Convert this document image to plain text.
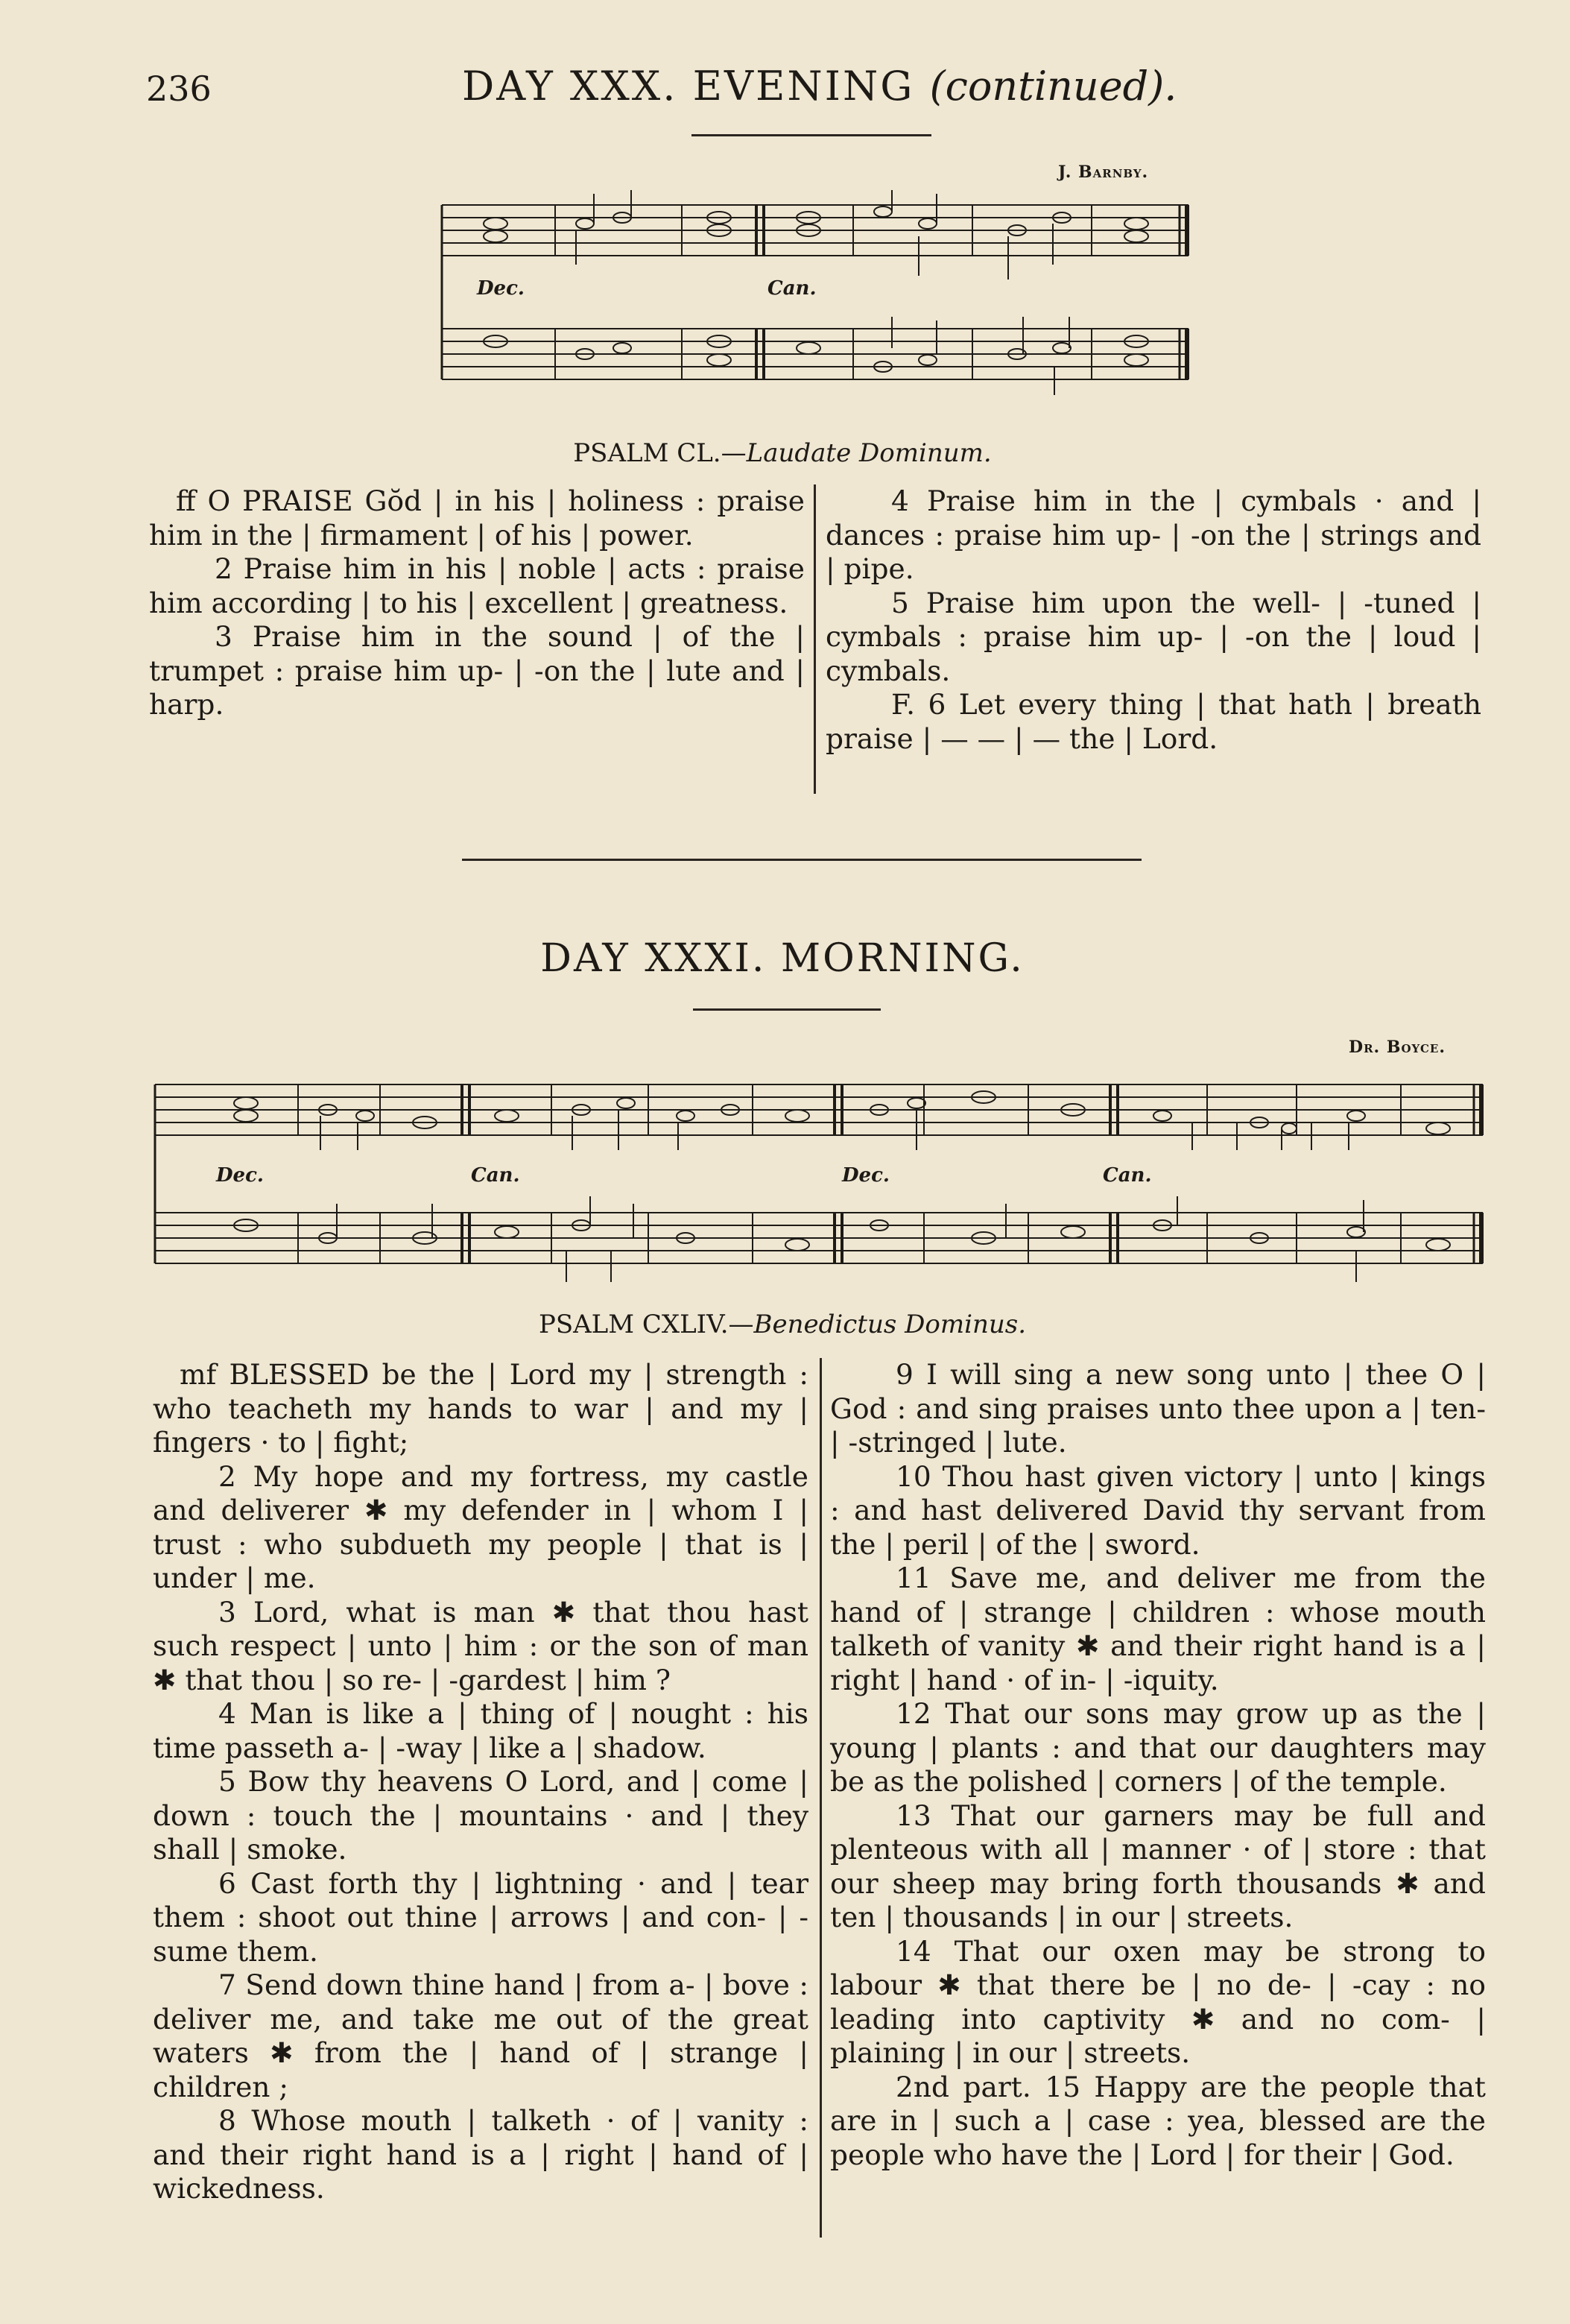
236	DAY XXX. EVENING (continued).
J. Barnby.
Dec.	Can.
PSALM CL.—Laudate Dominum.

ff O PRAISE Gŏd | in his | holiness : praise him in the | firmament | of his | power.

2 Praise him in his | noble | acts : praise him according | to his | excellent | greatness.

3 Praise him in the sound | of the | trumpet : praise him up- | -on the | lute and | harp.

4 Praise him in the | cymbals · and | dances : praise him up- | -on the | strings and | pipe.

5 Praise him upon the well- | -tuned | cymbals : praise him up- | -on the | loud | cymbals.

F. 6 Let every thing | that hath | breath praise | — — | — the | Lord.

DAY XXXI. MORNING.
Dr. Boyce.
Dec.	Can.	Dec.	Can.
PSALM CXLIV.—Benedictus Dominus.

mf BLESSED be the | Lord my | strength : who teacheth my hands to war | and my | fingers · to | fight;

2 My hope and my fortress, my castle and deliverer ✱ my defender in | whom I | trust : who subdueth my people | that is | under | me.

3 Lord, what is man ✱ that thou hast such respect | unto | him : or the son of man ✱ that thou | so re- | -gardest | him ?

4 Man is like a | thing of | nought : his time passeth a- | -way | like a | shadow.

5 Bow thy heavens O Lord, and | come | down : touch the | mountains · and | they shall | smoke.

6 Cast forth thy | lightning · and | tear them : shoot out thine | arrows | and con- | -sume them.

7 Send down thine hand | from a- | bove : deliver me, and take me out of the great waters ✱ from the | hand of | strange | children ;

8 Whose mouth | talketh · of | vanity : and their right hand is a | right | hand of | wickedness.

9 I will sing a new song unto | thee O | God : and sing praises unto thee upon a | ten- | -stringed | lute.

10 Thou hast given victory | unto | kings : and hast delivered David thy servant from the | peril | of the | sword.

11 Save me, and deliver me from the hand of | strange | children : whose mouth talketh of vanity ✱ and their right hand is a | right | hand · of in- | -iquity.

12 That our sons may grow up as the | young | plants : and that our daughters may be as the polished | corners | of the temple.

13 That our garners may be full and plenteous with all | manner · of | store : that our sheep may bring forth thousands ✱ and ten | thousands | in our | streets.

14 That our oxen may be strong to labour ✱ that there be | no de- | -cay : no leading into captivity ✱ and no com- | plaining | in our | streets.

2nd part. 15 Happy are the people that are in | such a | case : yea, blessed are the people who have the | Lord | for their | God.
